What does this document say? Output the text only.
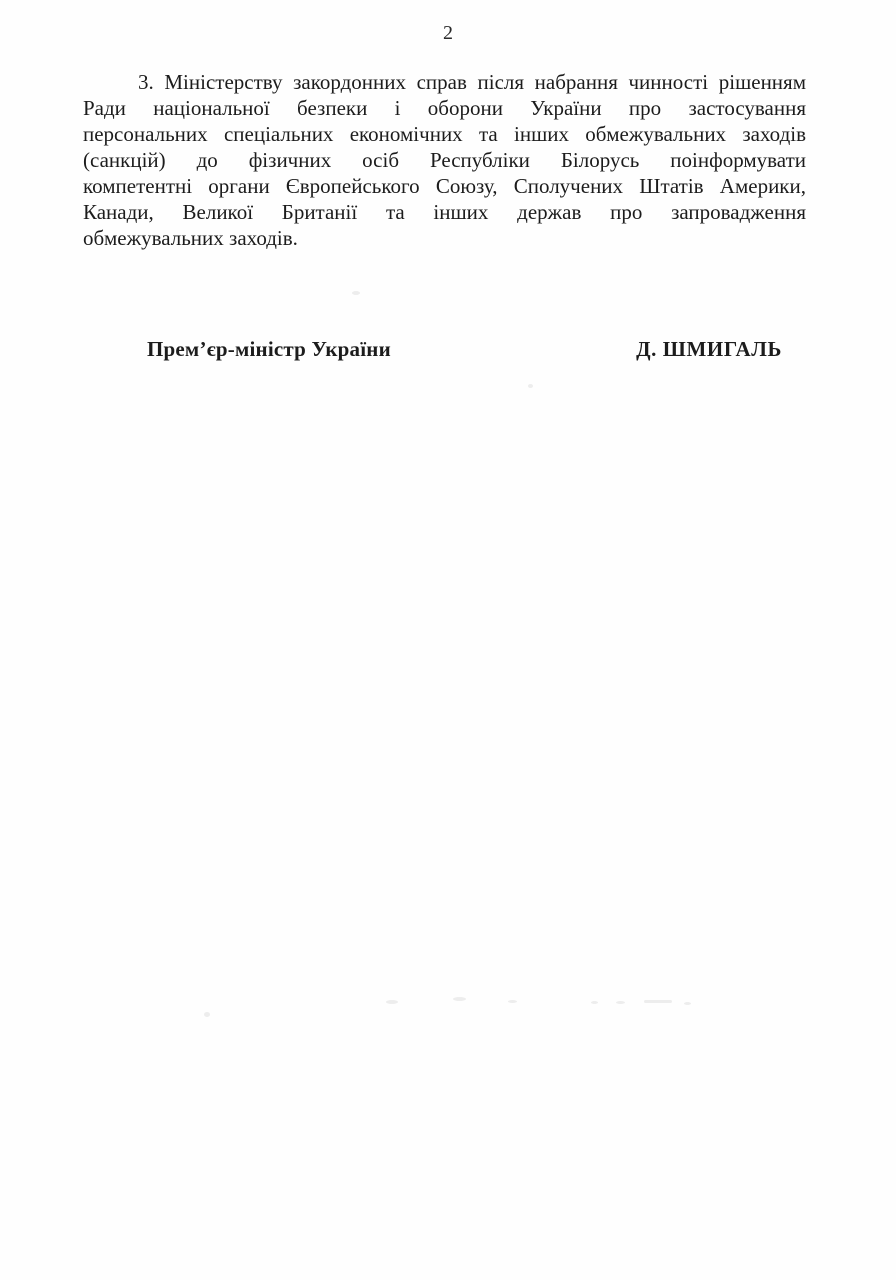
2
3. Міністерству закордонних справ після набрання чинності рішенням
Ради національної безпеки і оборони України про застосування
персональних спеціальних економічних та інших обмежувальних заходів
(санкцій) до фізичних осіб Республіки Білорусь поінформувати
компетентні органи Європейського Союзу, Сполучених Штатів Америки,
Канади, Великої Британії та інших держав про запровадження
обмежувальних заходів.
Прем’єр-міністр України	Д. ШМИГАЛЬ
